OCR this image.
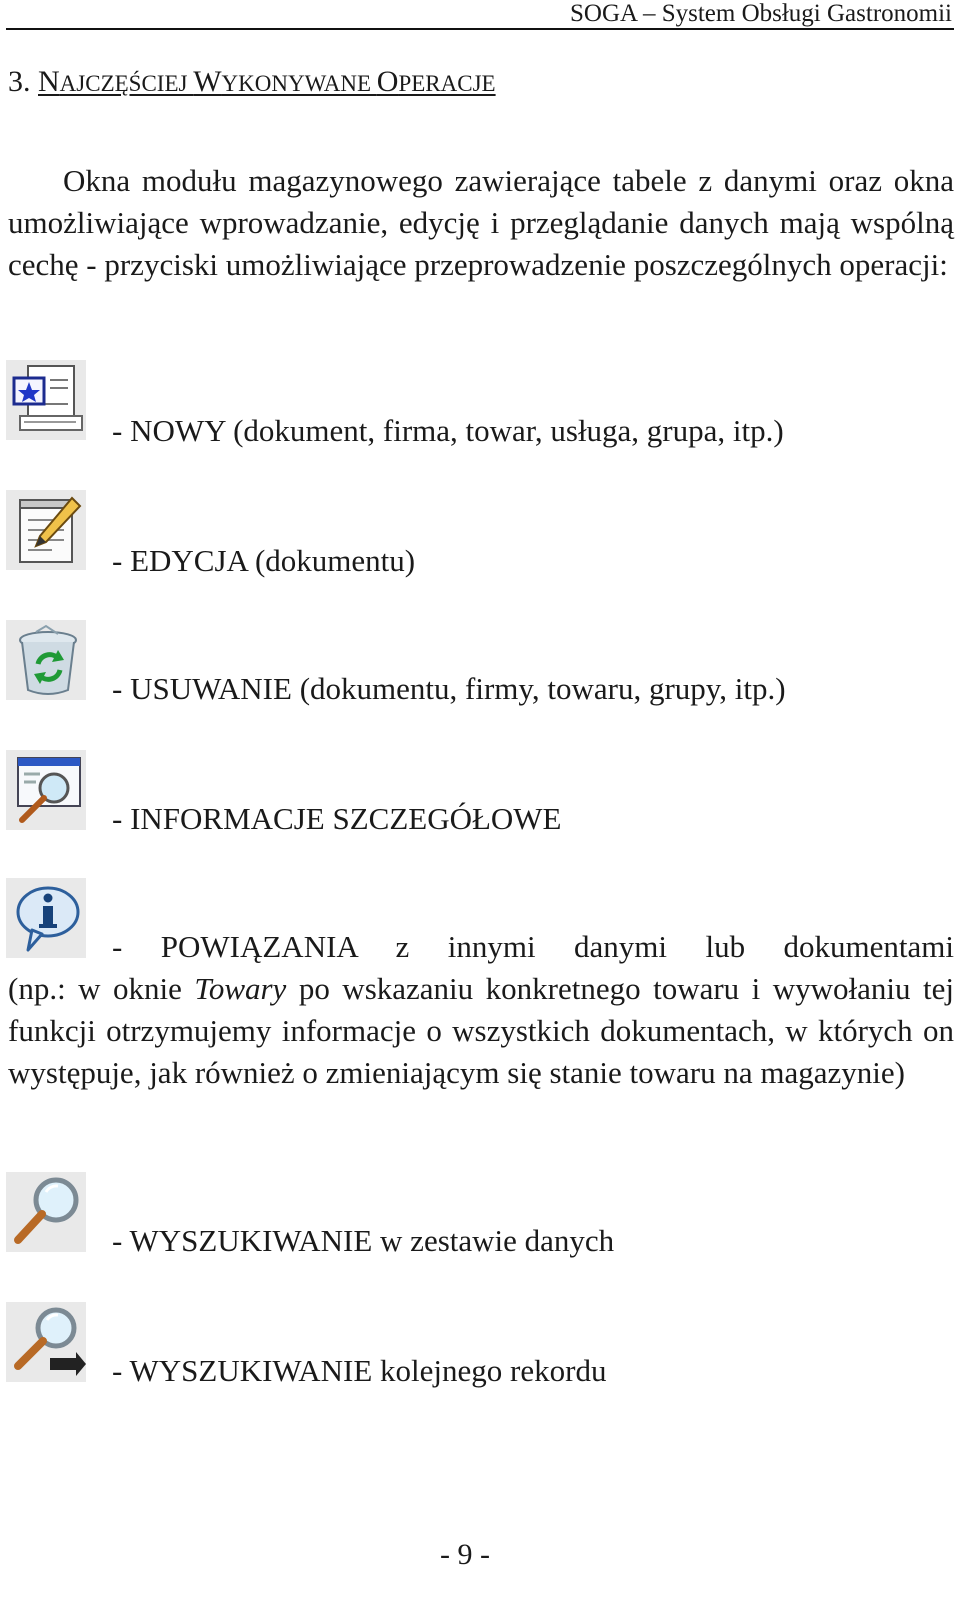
SOGA – System Obsługi Gastronomii
3. NAJCZĘŚCIEJ WYKONYWANE OPERACJE
Okna modułu magazynowego zawierające tabele z danymi oraz okna umożliwiające wprowadzanie, edycję i przeglądanie danych mają wspólną cechę - przyciski umożliwiające przeprowadzenie poszczególnych operacji:
- NOWY (dokument, firma, towar, usługa, grupa, itp.)
- EDYCJA (dokumentu)
- USUWANIE (dokumentu, firmy, towaru, grupy, itp.)
- INFORMACJE SZCZEGÓŁOWE
- POWIĄZANIA z innymi danymi lub dokumentami
(np.: w oknie Towary po wskazaniu konkretnego towaru i wywołaniu tej funkcji otrzymujemy informacje o wszystkich dokumentach, w których on występuje, jak również o zmieniającym się stanie towaru na magazynie)
- WYSZUKIWANIE w zestawie danych
- WYSZUKIWANIE kolejnego rekordu
- 9 -
